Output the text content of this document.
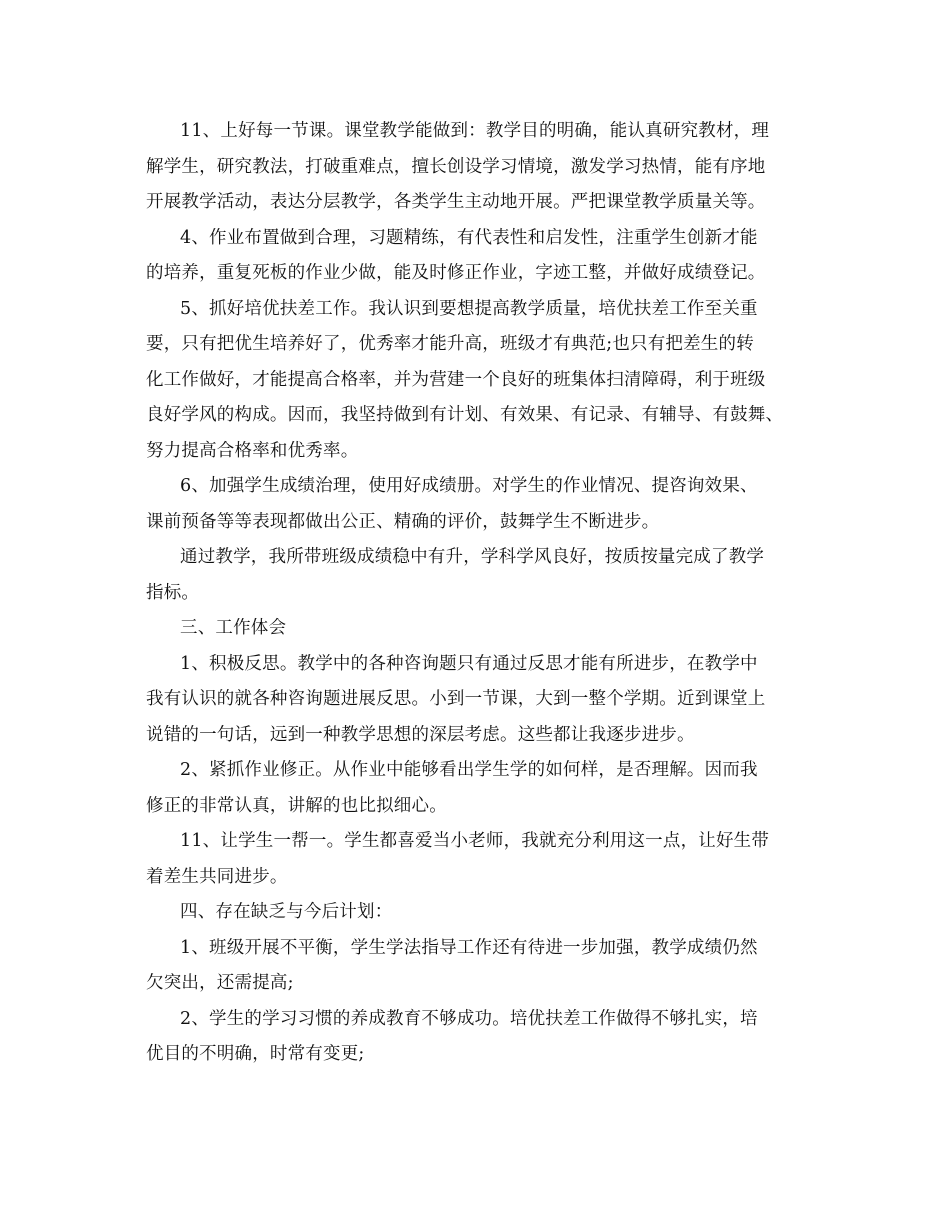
11、上好每一节课。课堂教学能做到：教学目的明确，能认真研究教材，理
解学生，研究教法，打破重难点，擅长创设学习情境，激发学习热情，能有序地
开展教学活动，表达分层教学，各类学生主动地开展。严把课堂教学质量关等。

4、作业布置做到合理，习题精练，有代表性和启发性，注重学生创新才能
的培养，重复死板的作业少做，能及时修正作业，字迹工整，并做好成绩登记。

5、抓好培优扶差工作。我认识到要想提高教学质量，培优扶差工作至关重
要，只有把优生培养好了，优秀率才能升高，班级才有典范;也只有把差生的转
化工作做好，才能提高合格率，并为营建一个良好的班集体扫清障碍，利于班级
良好学风的构成。因而，我坚持做到有计划、有效果、有记录、有辅导、有鼓舞、
努力提高合格率和优秀率。

6、加强学生成绩治理，使用好成绩册。对学生的作业情况、提咨询效果、
课前预备等等表现都做出公正、精确的评价，鼓舞学生不断进步。

通过教学，我所带班级成绩稳中有升，学科学风良好，按质按量完成了教学
指标。

三、工作体会

1、积极反思。教学中的各种咨询题只有通过反思才能有所进步，在教学中
我有认识的就各种咨询题进展反思。小到一节课，大到一整个学期。近到课堂上
说错的一句话，远到一种教学思想的深层考虑。这些都让我逐步进步。

2、紧抓作业修正。从作业中能够看出学生学的如何样，是否理解。因而我
修正的非常认真，讲解的也比拟细心。

11、让学生一帮一。学生都喜爱当小老师，我就充分利用这一点，让好生带
着差生共同进步。

四、存在缺乏与今后计划：

1、班级开展不平衡，学生学法指导工作还有待进一步加强，教学成绩仍然
欠突出，还需提高;

2、学生的学习习惯的养成教育不够成功。培优扶差工作做得不够扎实，培
优目的不明确，时常有变更;
